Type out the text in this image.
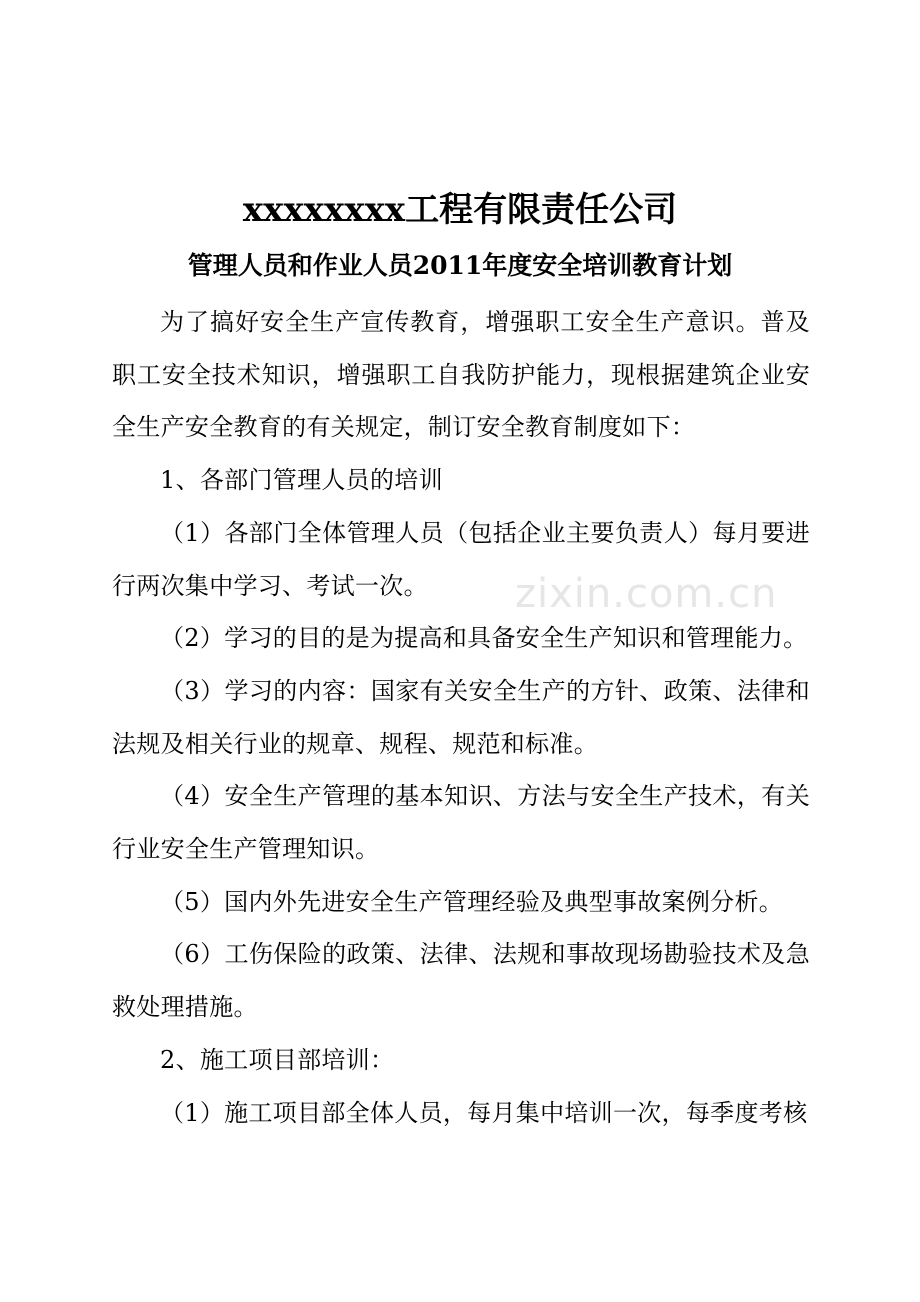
zixin.com.cn
xxxxxxxx工程有限责任公司
管理人员和作业人员2011年度安全培训教育计划

为了搞好安全生产宣传教育，增强职工安全生产意识。普及职工安全技术知识，增强职工自我防护能力，现根据建筑企业安全生产安全教育的有关规定，制订安全教育制度如下：

1、各部门管理人员的培训

（1）各部门全体管理人员（包括企业主要负责人）每月要进行两次集中学习、考试一次。

（2）学习的目的是为提高和具备安全生产知识和管理能力。

（3）学习的内容：国家有关安全生产的方针、政策、法律和法规及相关行业的规章、规程、规范和标准。

（4）安全生产管理的基本知识、方法与安全生产技术，有关行业安全生产管理知识。

（5）国内外先进安全生产管理经验及典型事故案例分析。

（6）工伤保险的政策、法律、法规和事故现场勘验技术及急救处理措施。

2、施工项目部培训：

（1）施工项目部全体人员，每月集中培训一次，每季度考核
